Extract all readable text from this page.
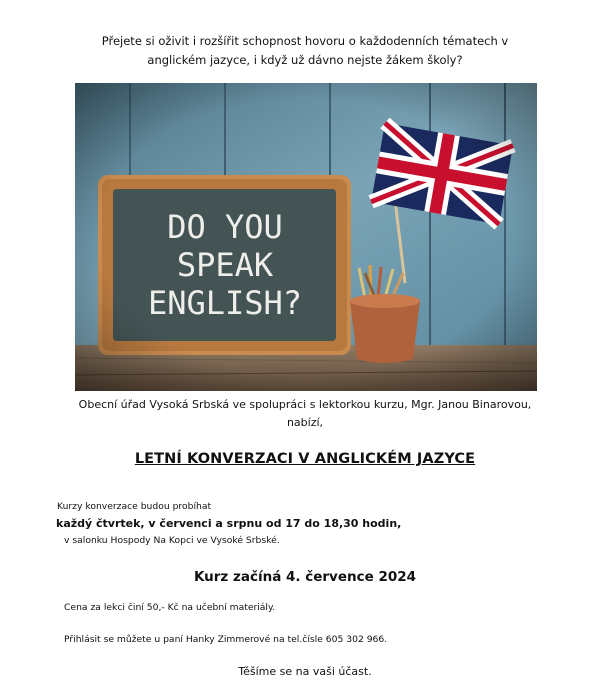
Přejete si oživit i rozšířit schopnost hovoru o každodenních tématech v
anglickém jazyce, i když už dávno nejste žákem školy?
Obecní úřad Vysoká Srbská ve spolupráci s lektorkou kurzu, Mgr. Janou Binarovou,
nabízí,
LETNÍ KONVERZACI V ANGLICKÉM JAZYCE
Kurzy konverzace budou probíhat
každý čtvrtek, v červenci a srpnu od 17 do 18,30 hodin,
v salonku Hospody Na Kopci ve Vysoké Srbské.
Kurz začíná 4. července 2024
Cena za lekci činí 50,- Kč na učební materiály.
Přihlásit se můžete u paní Hanky Zimmerové na tel.čísle 605 302 966.
Těšíme se na vaši účast.
